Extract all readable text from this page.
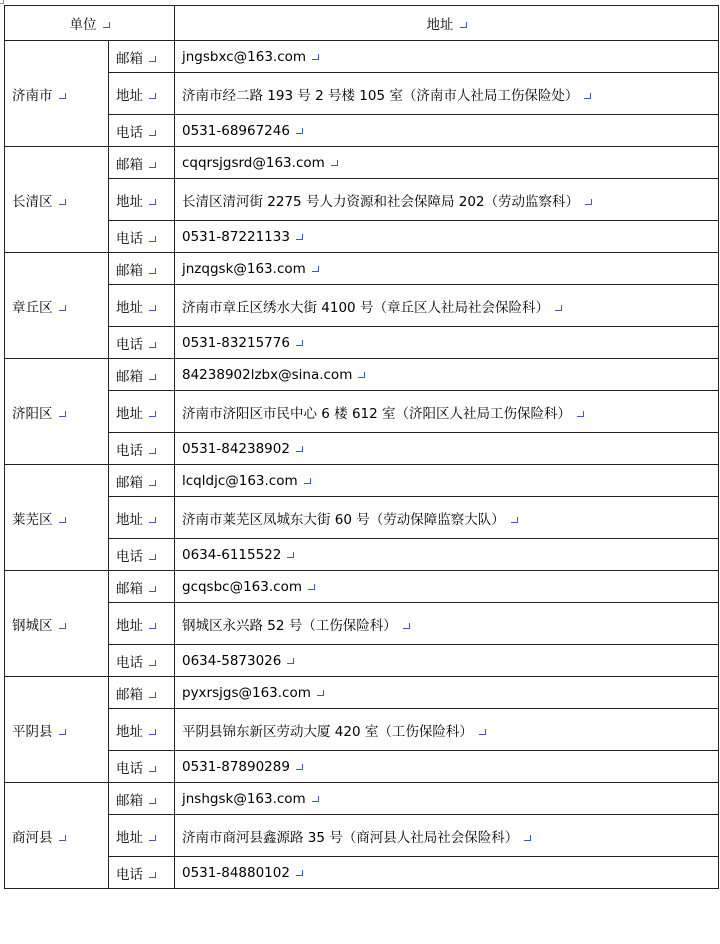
单位		地址
济南市	邮箱	jngsbxc@163.com
	地址	济南市经二路 193 号 2 号楼 105 室（济南市人社局工伤保险处）
	电话	0531-68967246
长清区	邮箱	cqqrsjgsrd@163.com
	地址	长清区清河街 2275 号人力资源和社会保障局 202（劳动监察科）
	电话	0531-87221133
章丘区	邮箱	jnzqgsk@163.com
	地址	济南市章丘区绣水大街 4100 号（章丘区人社局社会保险科）
	电话	0531-83215776
济阳区	邮箱	84238902lzbx@sina.com
	地址	济南市济阳区市民中心 6 楼 612 室（济阳区人社局工伤保险科）
	电话	0531-84238902
莱芜区	邮箱	lcqldjc@163.com
	地址	济南市莱芜区凤城东大街 60 号（劳动保障监察大队）
	电话	0634-6115522
钢城区	邮箱	gcqsbc@163.com
	地址	钢城区永兴路 52 号（工伤保险科）
	电话	0634-5873026
平阴县	邮箱	pyxrsjgs@163.com
	地址	平阴县锦东新区劳动大厦 420 室（工伤保险科）
	电话	0531-87890289
商河县	邮箱	jnshgsk@163.com
	地址	济南市商河县鑫源路 35 号（商河县人社局社会保险科）
	电话	0531-84880102
